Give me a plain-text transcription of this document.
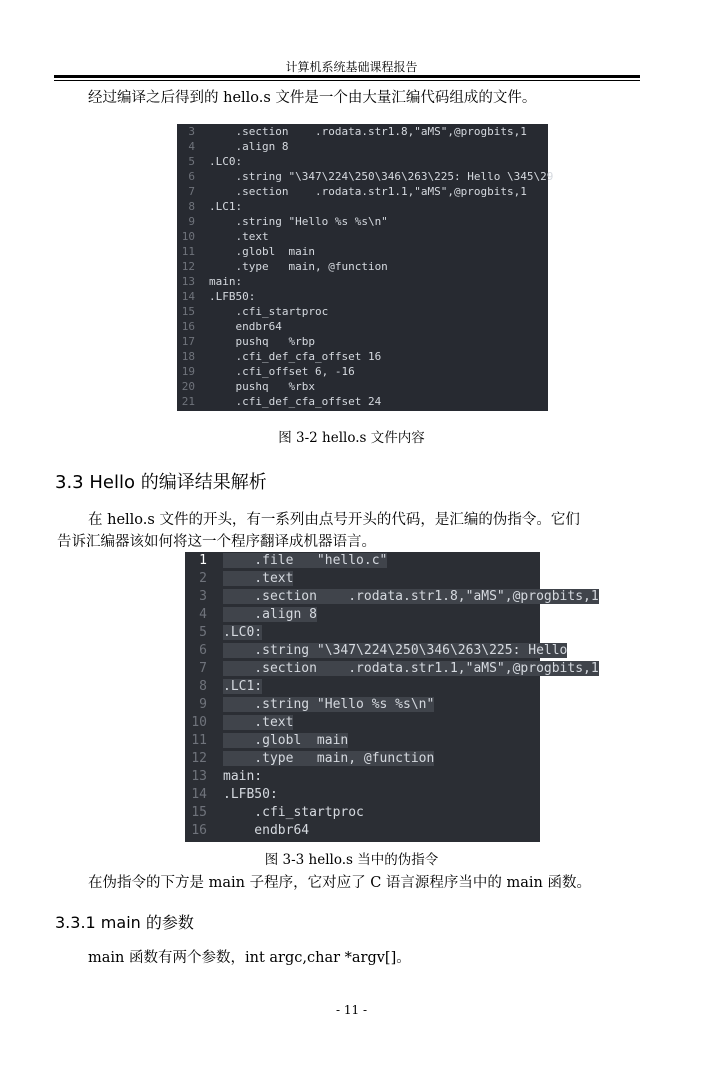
计算机系统基础课程报告
经过编译之后得到的 hello.s 文件是一个由大量汇编代码组成的文件。
3 .section    .rodata.str1.8,"aMS",@progbits,1
4 .align 8
5 .LC0:
6 .string "\347\224\250\346\263\225: Hello \345\29
7 .section    .rodata.str1.1,"aMS",@progbits,1
8 .LC1:
9 .string "Hello %s %s\n"
10 .text
11 .globl  main
12 .type   main, @function
13 main:
14 .LFB50:
15 .cfi_startproc
16 endbr64
17 pushq   %rbp
18 .cfi_def_cfa_offset 16
19 .cfi_offset 6, -16
20 pushq   %rbx
21 .cfi_def_cfa_offset 24
图 3-2 hello.s 文件内容
3.3 Hello 的编译结果解析
在 hello.s 文件的开头，有一系列由点号开头的代码，是汇编的伪指令。它们
告诉汇编器该如何将这一个程序翻译成机器语言。
1 .file   "hello.c"
2 .text
3 .section    .rodata.str1.8,"aMS",@progbits,1
4 .align 8
5 .LC0:
6 .string "\347\224\250\346\263\225: Hello
7 .section    .rodata.str1.1,"aMS",@progbits,1
8 .LC1:
9 .string "Hello %s %s\n"
10 .text
11 .globl  main
12 .type   main, @function
13 main:
14 .LFB50:
15 .cfi_startproc
16 endbr64
图 3-3 hello.s 当中的伪指令
在伪指令的下方是 main 子程序，它对应了 C 语言源程序当中的 main 函数。
3.3.1 main 的参数
main 函数有两个参数，int argc,char *argv[]。
- 11 -
